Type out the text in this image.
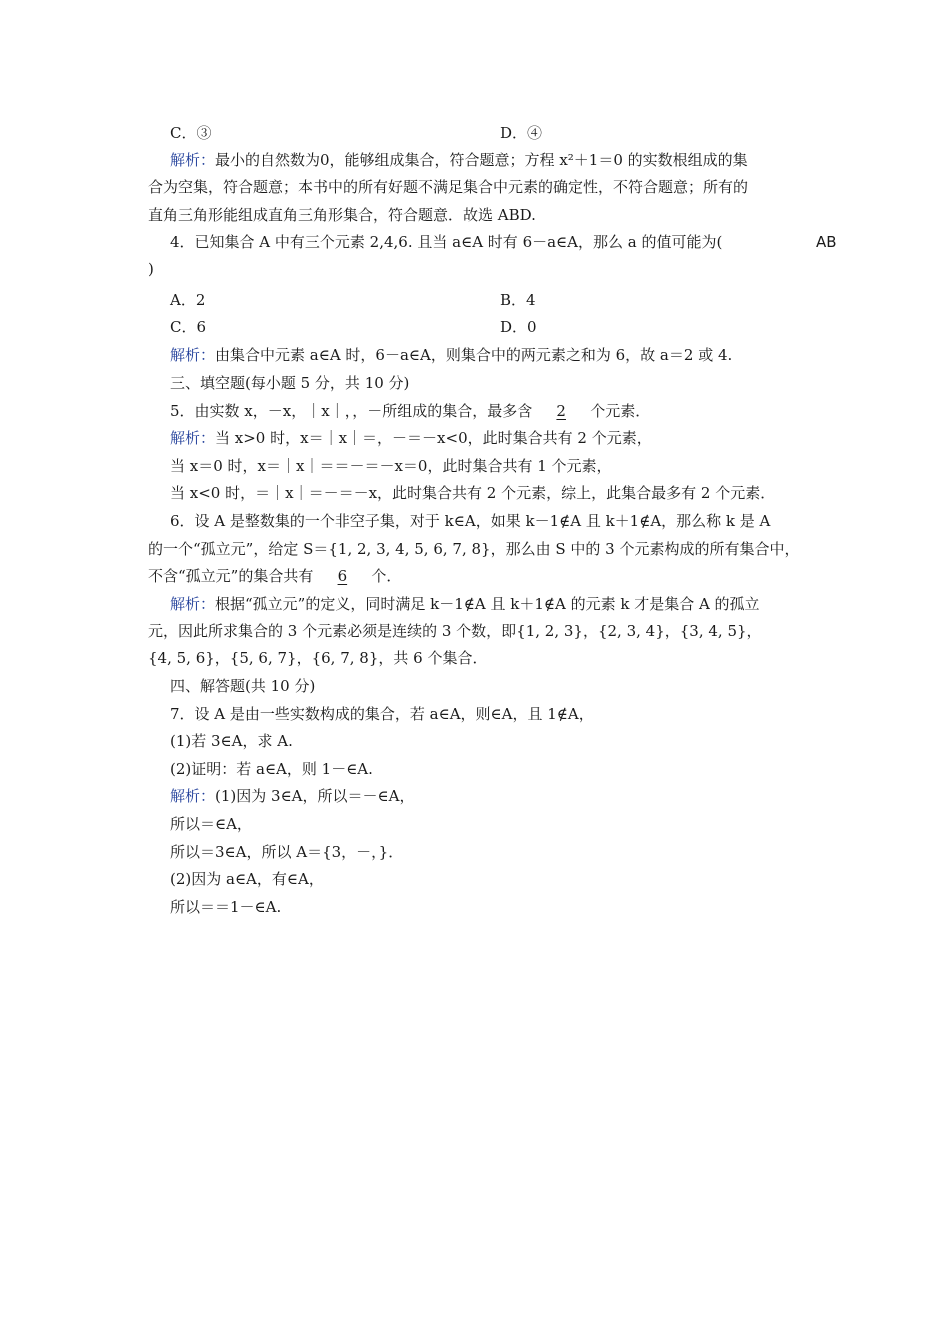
C．③	D．④
解析：最小的自然数为0，能够组成集合，符合题意；方程 x²＋1＝0 的实数根组成的集
合为空集，符合题意；本书中的所有好题不满足集合中元素的确定性，不符合题意；所有的
直角三角形能组成直角三角形集合，符合题意．故选 ABD.
4．已知集合 A 中有三个元素 2,4,6. 且当 a∈A 时有 6－a∈A，那么 a 的值可能为(	AB
)
A．2	B．4
C．6	D．0
解析：由集合中元素 a∈A 时，6－a∈A，则集合中的两元素之和为 6，故 a＝2 或 4.
三、填空题(每小题 5 分，共 10 分)
5．由实数 x，－x，｜x｜，，－所组成的集合，最多含 2 个元素．
解析：当 x>0 时，x＝｜x｜＝，－＝－x<0，此时集合共有 2 个元素，
当 x＝0 时，x＝｜x｜＝＝－＝－x＝0，此时集合共有 1 个元素，
当 x<0 时，＝｜x｜＝－＝－x，此时集合共有 2 个元素，综上，此集合最多有 2 个元素．
6．设 A 是整数集的一个非空子集，对于 k∈A，如果 k－1∉A 且 k＋1∉A，那么称 k 是 A
的一个“孤立元”，给定 S＝{1, 2, 3, 4, 5, 6, 7, 8}，那么由 S 中的 3 个元素构成的所有集合中，
不含“孤立元”的集合共有 6 个．
解析：根据“孤立元”的定义，同时满足 k－1∉A 且 k＋1∉A 的元素 k 才是集合 A 的孤立
元，因此所求集合的 3 个元素必须是连续的 3 个数，即{1, 2, 3}，{2, 3, 4}，{3, 4, 5}，
{4, 5, 6}，{5, 6, 7}，{6, 7, 8}，共 6 个集合．
四、解答题(共 10 分)
7．设 A 是由一些实数构成的集合，若 a∈A，则∈A，且 1∉A，
(1)若 3∈A，求 A.
(2)证明：若 a∈A，则 1－∈A.
解析：(1)因为 3∈A，所以＝－∈A，
所以＝∈A，
所以＝3∈A，所以 A＝{3，－，}．
(2)因为 a∈A，有∈A，
所以＝＝1－∈A.
